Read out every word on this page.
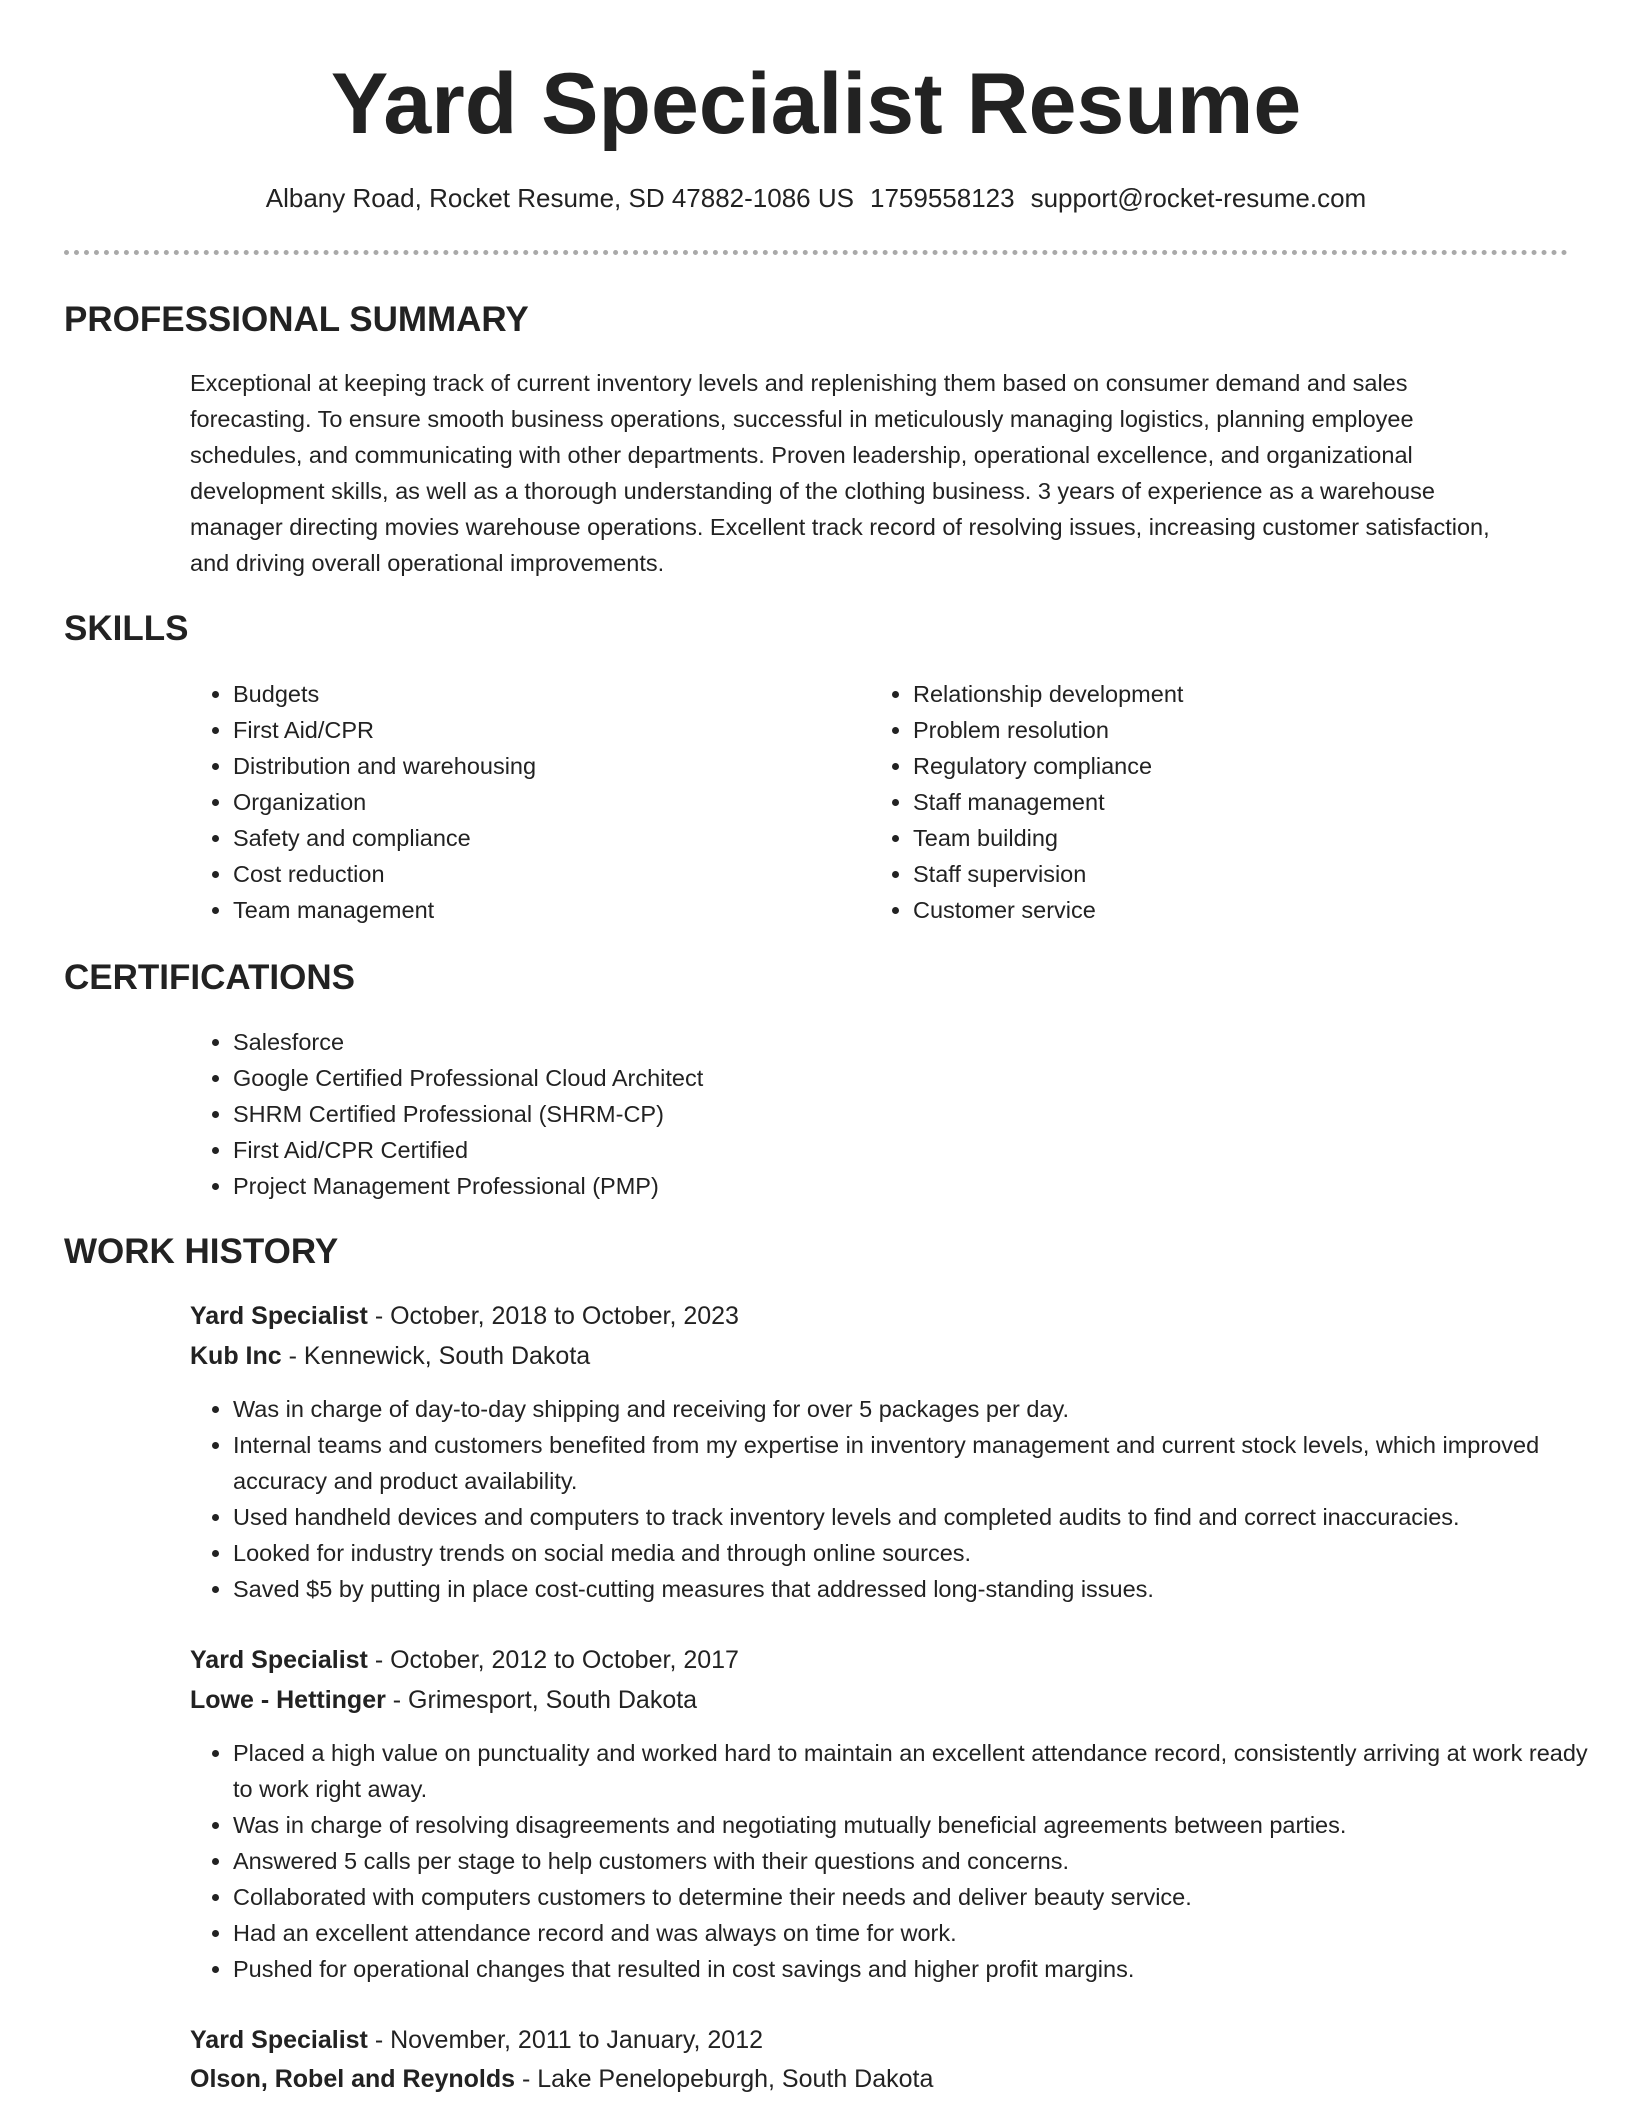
Yard Specialist Resume
Albany Road, Rocket Resume, SD 47882-1086 US 1759558123 support@rocket-resume.com
PROFESSIONAL SUMMARY

Exceptional at keeping track of current inventory levels and replenishing them based on consumer demand and sales forecasting. To ensure smooth business operations, successful in meticulously managing logistics, planning employee schedules, and communicating with other departments. Proven leadership, operational excellence, and organizational development skills, as well as a thorough understanding of the clothing business. 3 years of experience as a warehouse manager directing movies warehouse operations. Excellent track record of resolving issues, increasing customer satisfaction, and driving overall operational improvements.

SKILLS
• Budgets
• First Aid/CPR
• Distribution and warehousing
• Organization
• Safety and compliance
• Cost reduction
• Team management
• Relationship development
• Problem resolution
• Regulatory compliance
• Staff management
• Team building
• Staff supervision
• Customer service
CERTIFICATIONS
• Salesforce
• Google Certified Professional Cloud Architect
• SHRM Certified Professional (SHRM-CP)
• First Aid/CPR Certified
• Project Management Professional (PMP)
WORK HISTORY
Yard Specialist - October, 2018 to October, 2023
Kub Inc - Kennewick, South Dakota
• Was in charge of day-to-day shipping and receiving for over 5 packages per day.
• Internal teams and customers benefited from my expertise in inventory management and current stock levels, which improved accuracy and product availability.
• Used handheld devices and computers to track inventory levels and completed audits to find and correct inaccuracies.
• Looked for industry trends on social media and through online sources.
• Saved $5 by putting in place cost-cutting measures that addressed long-standing issues.
Yard Specialist - October, 2012 to October, 2017
Lowe - Hettinger - Grimesport, South Dakota
• Placed a high value on punctuality and worked hard to maintain an excellent attendance record, consistently arriving at work ready to work right away.
• Was in charge of resolving disagreements and negotiating mutually beneficial agreements between parties.
• Answered 5 calls per stage to help customers with their questions and concerns.
• Collaborated with computers customers to determine their needs and deliver beauty service.
• Had an excellent attendance record and was always on time for work.
• Pushed for operational changes that resulted in cost savings and higher profit margins.
Yard Specialist - November, 2011 to January, 2012
Olson, Robel and Reynolds - Lake Penelopeburgh, South Dakota
